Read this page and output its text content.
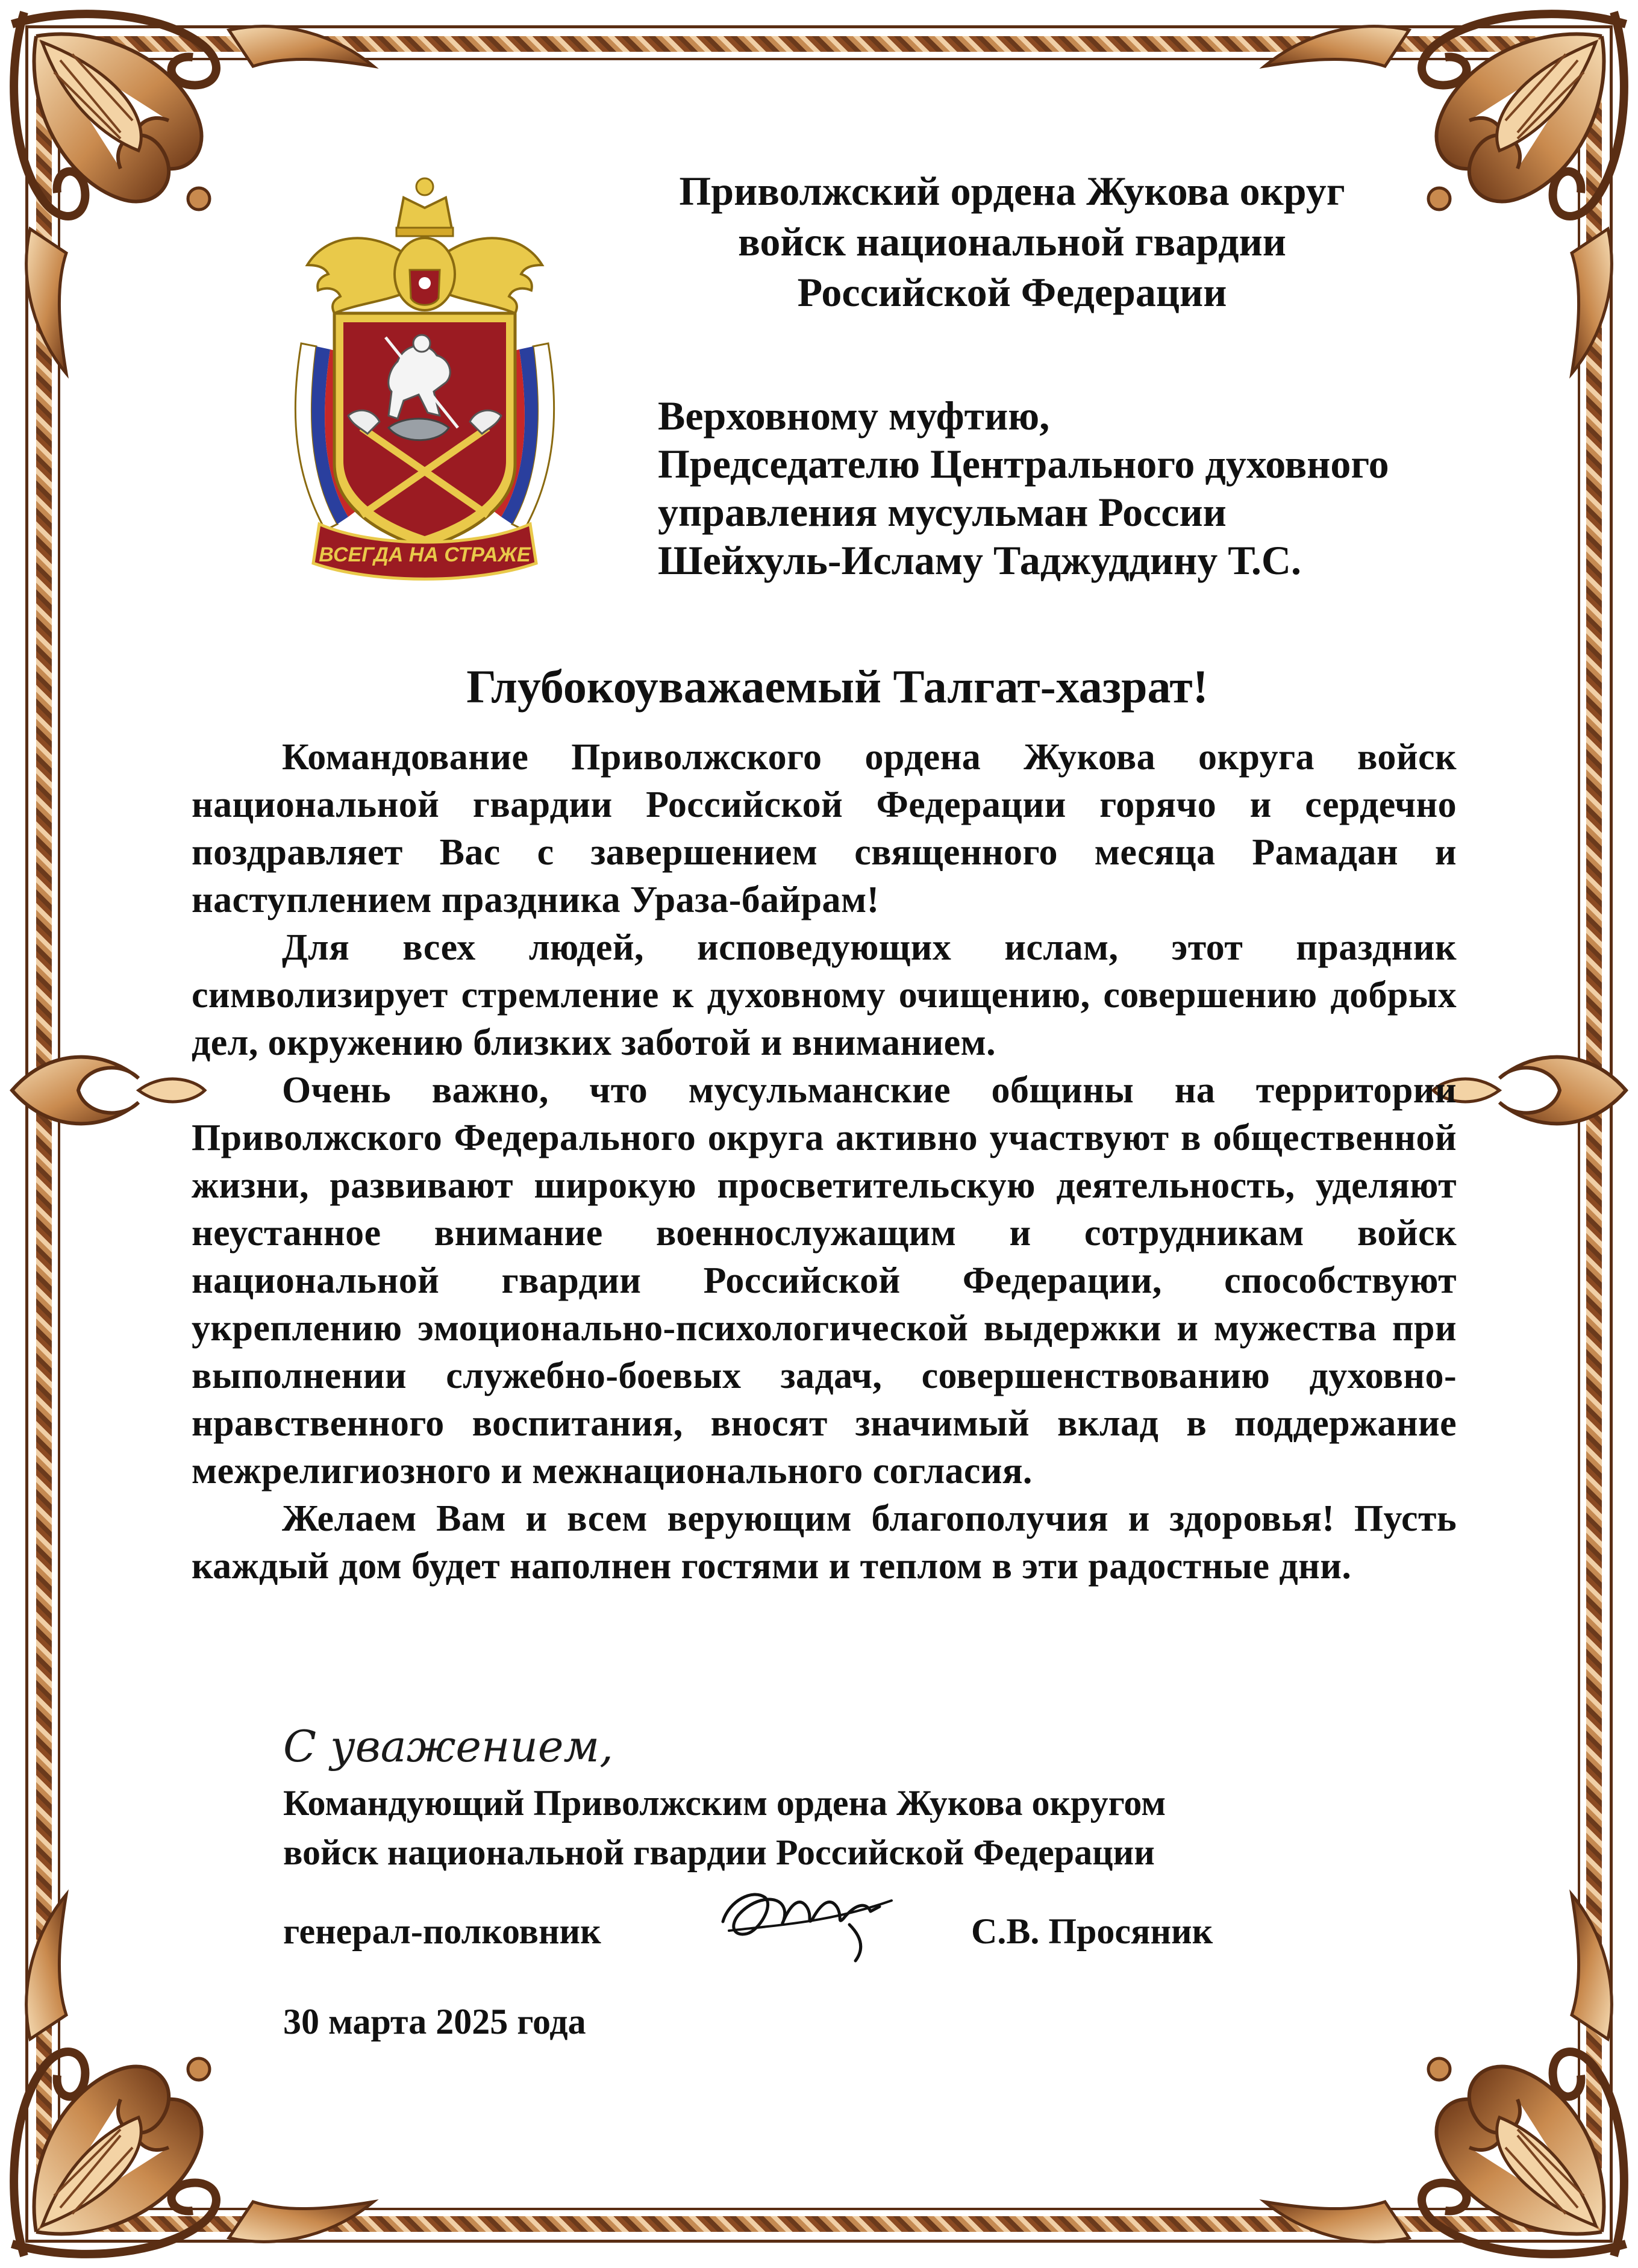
ВСЕГДА НА СТРАЖЕ
Приволжский ордена Жукова округ
войск национальной гвардии
Российской Федерации
Верховному муфтию,
Председателю Центрального духовного
управления мусульман России
Шейхуль-Исламу Таджуддину Т.С.
Глубокоуважаемый Талгат-хазрат!

Командование Приволжского ордена Жукова округа войск национальной гвардии Российской Федерации горячо и сердечно поздравляет Вас с завершением священного месяца Рамадан и наступлением праздника Ураза-байрам!

Для всех людей, исповедующих ислам, этот праздник символизирует стремление к духовному очищению, совершению добрых дел, окружению близких заботой и вниманием.

Очень важно, что мусульманские общины на территории Приволжского Федерального округа активно участвуют в общественной жизни, развивают широкую просветительскую деятельность, уделяют неустанное внимание военнослужащим и сотрудникам войск национальной гвардии Российской Федерации, способствуют укреплению эмоционально-психологической выдержки и мужества при выполнении служебно-боевых задач, совершенствованию духовно-нравственного воспитания, вносят значимый вклад в поддержание межрелигиозного и межнационального согласия.

Желаем Вам и всем верующим благополучия и здоровья! Пусть каждый дом будет наполнен гостями и теплом в эти радостные дни.

С уважением,
Командующий Приволжским ордена Жукова округом
войск национальной гвардии Российской Федерации
генерал-полковник	С.В. Просяник
30 марта 2025 года
